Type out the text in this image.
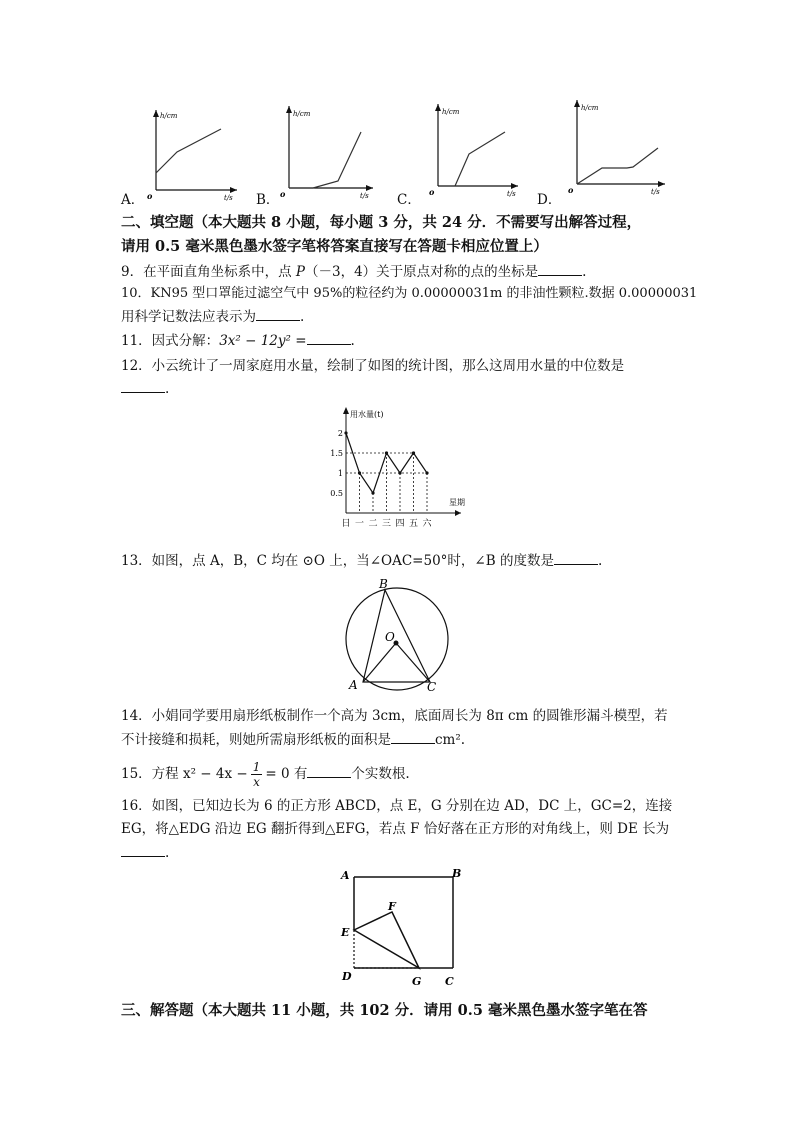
h/cm
t/s
o
h/cm
t/s
o
h/cm
t/s
o
h/cm
t/s
o
A．	B．	C．	D．
二、填空题（本大题共 8 小题，每小题 3 分，共 24 分．不需要写出解答过程，
请用 0.5 毫米黑色墨水签字笔将答案直接写在答题卡相应位置上）
9．在平面直角坐标系中，点 P（－3，4）关于原点对称的点的坐标是	.
10．KN95 型口罩能过滤空气中 95%的粒径约为 0.00000031m 的非油性颗粒.数据 0.00000031
用科学记数法应表示为	.
11．因式分解：3x² − 12y² =	.
12．小云统计了一周家庭用水量，绘制了如图的统计图，那么这周用水量的中位数是
.
0.5
1
1.5
2
日 一 二 三 四 五 六
用水量(t)
星期
13．如图，点 A，B，C 均在 ⊙O 上，当∠OAC=50°时，∠B 的度数是	.
B
O
A	C
14．小娟同学要用扇形纸板制作一个高为 3cm，底面周长为 8π cm 的圆锥形漏斗模型，若
不计接缝和损耗，则她所需扇形纸板的面积是	cm².
15．方程 $x^2 - 4x - \frac{1}{x} = 0$ 有	个实数根.
16．如图，已知边长为 6 的正方形 ABCD，点 E，G 分别在边 AD，DC 上，GC=2，连接
EG，将△EDG 沿边 EG 翻折得到△EFG，若点 F 恰好落在正方形的对角线上，则 DE 长为
.
A	B
E
F
D	G C
三、解答题（本大题共 11 小题，共 102 分．请用 0.5 毫米黑色墨水签字笔在答
